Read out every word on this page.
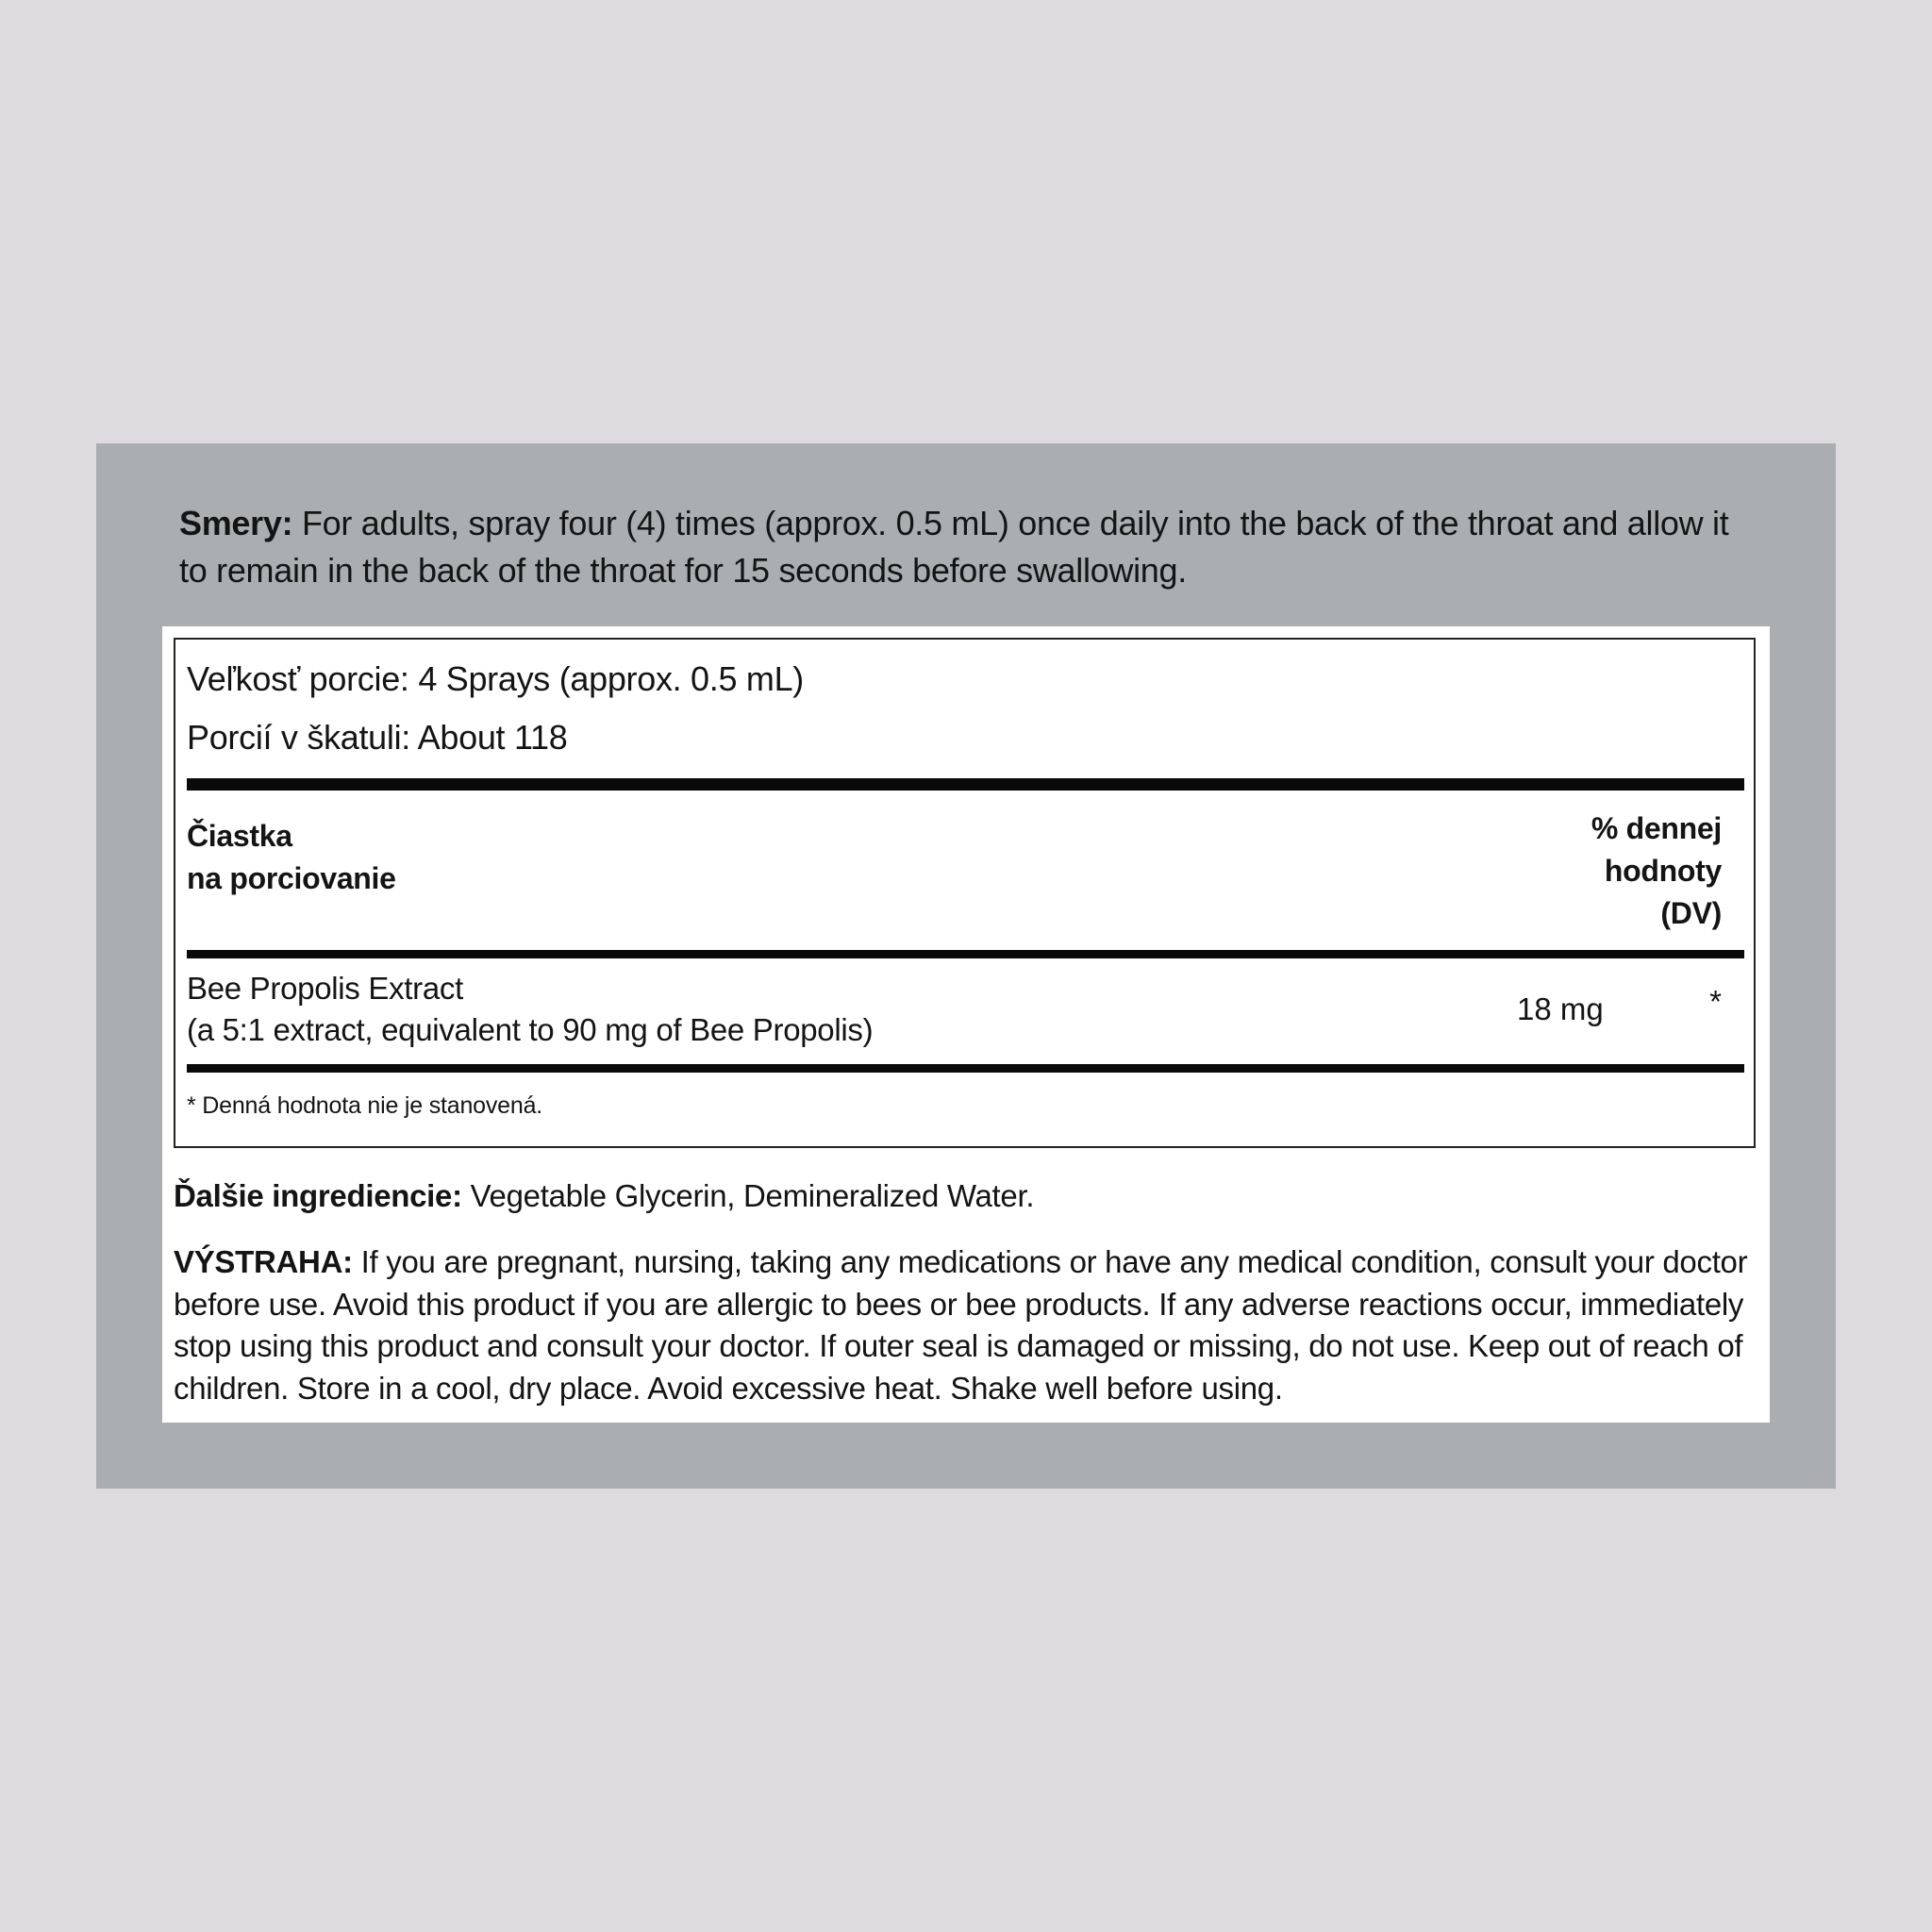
Smery: For adults, spray four (4) times (approx. 0.5 mL) once daily into the back of the throat and allow it to remain in the back of the throat for 15 seconds before swallowing.
Veľkosť porcie: 4 Sprays (approx. 0.5 mL)
Porcií v škatuli: About 118
Čiastka
na porciovanie
% dennej
hodnoty
(DV)
Bee Propolis Extract
(a 5:1 extract, equivalent to 90 mg of Bee Propolis)
18 mg	*
* Denná hodnota nie je stanovená.
Ďalšie ingrediencie: Vegetable Glycerin, Demineralized Water.
VÝSTRAHA: If you are pregnant, nursing, taking any medications or have any medical condition, consult your doctor before use. Avoid this product if you are allergic to bees or bee products. If any adverse reactions occur, immediately stop using this product and consult your doctor. If outer seal is damaged or missing, do not use. Keep out of reach of children. Store in a cool, dry place. Avoid excessive heat. Shake well before using.
